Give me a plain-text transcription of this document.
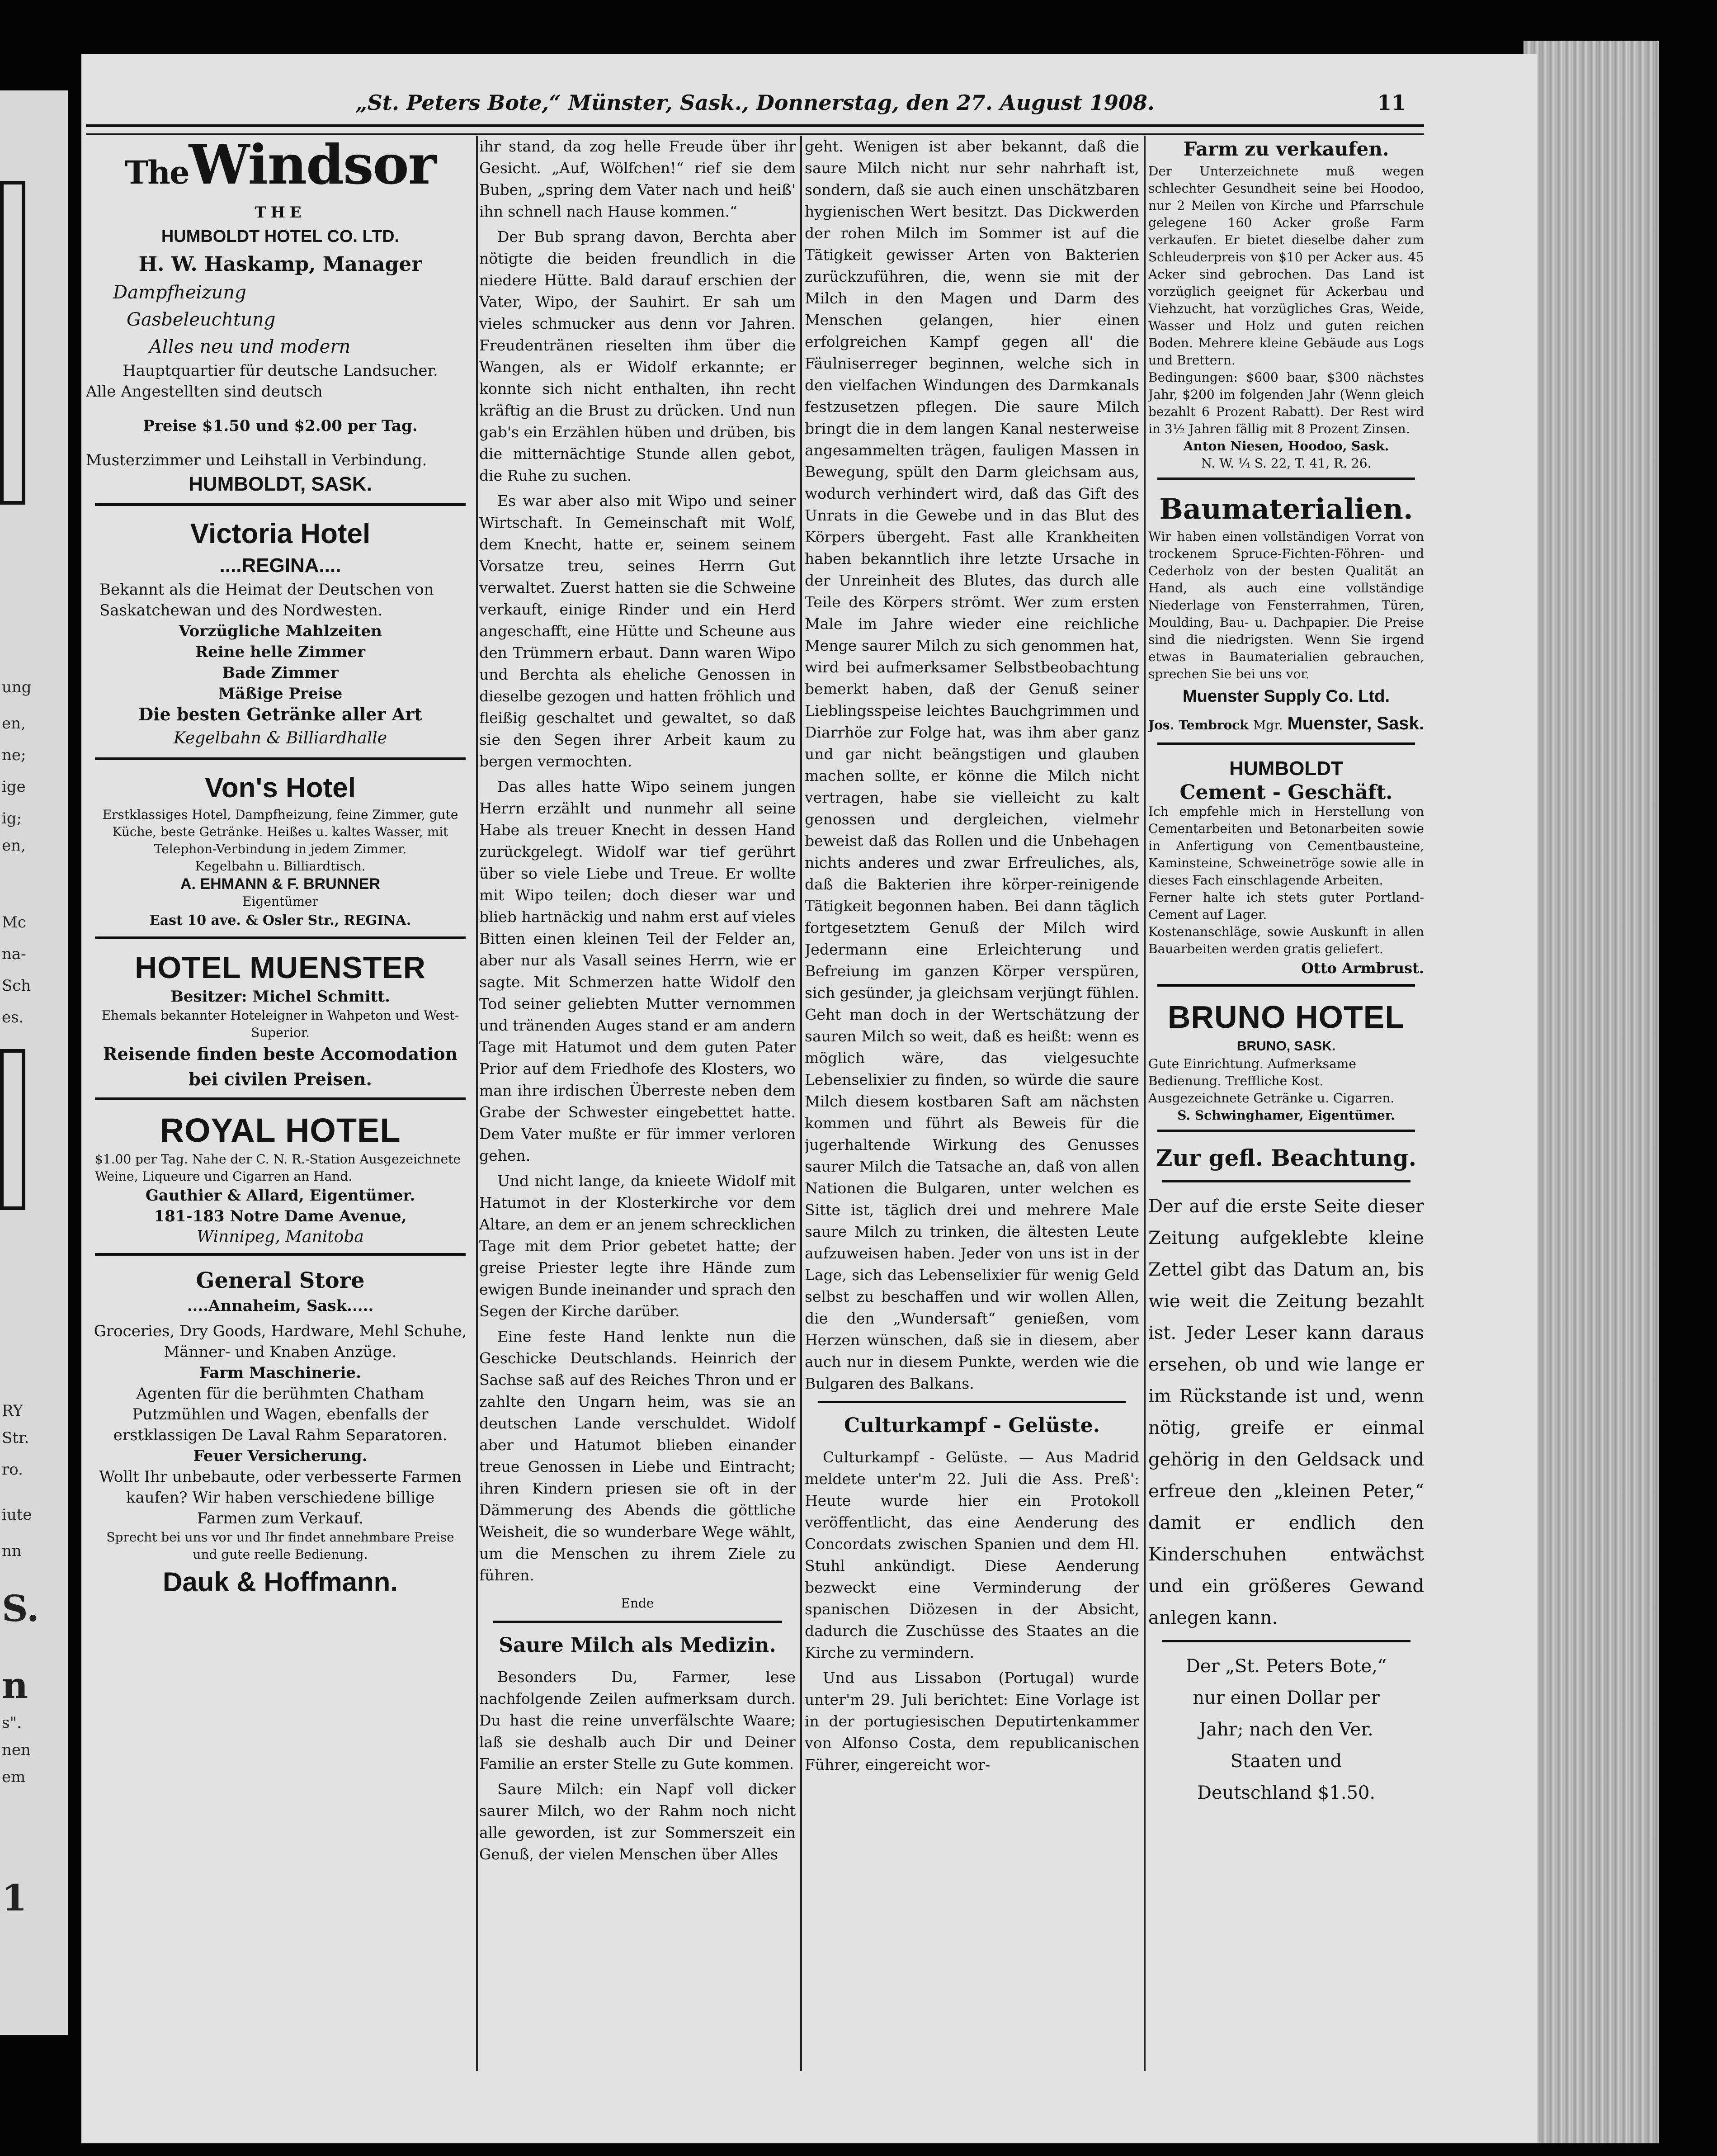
ung
en,
ne;
ige
ig;
en,
Mc
na-
Sch
es.
RY
Str.
ro.
iute
nn
S.
n
s".
nen
em
1
„St. Peters Bote,“ Münster, Sask., Donnerstag, den 27. August 1908.	11
TheWindsor
THE
HUMBOLDT HOTEL CO. LTD.
H. W. Haskamp, Manager
Dampfheizung
Gasbeleuchtung
Alles neu und modern
Hauptquartier für deutsche Landsucher.
Alle Angestellten sind deutsch
Preise $1.50 und $2.00 per Tag.
Musterzimmer und Leihstall in Verbindung.
HUMBOLDT, SASK.
Victoria Hotel
....REGINA....
Bekannt als die Heimat der Deutschen von Saskatchewan und des Nordwesten.
Vorzügliche Mahlzeiten
Reine helle Zimmer
Bade Zimmer
Mäßige Preise
Die besten Getränke aller Art
Kegelbahn & Billiardhalle
Von's Hotel
Erstklassiges Hotel, Dampfheizung, feine Zimmer, gute Küche, beste Getränke. Heißes u. kaltes Wasser, mit Telephon-Verbindung in jedem Zimmer.
Kegelbahn u. Billiardtisch.
A. EHMANN & F. BRUNNER
Eigentümer
East 10 ave. & Osler Str., REGINA.
HOTEL MUENSTER
Besitzer: Michel Schmitt.
Ehemals bekannter Hoteleigner in Wahpeton und West-Superior.
Reisende finden beste Accomodation bei civilen Preisen.
ROYAL HOTEL
$1.00 per Tag. Nahe der C. N. R.-Station Ausgezeichnete Weine, Liqueure und Cigarren an Hand.
Gauthier & Allard, Eigentümer.
181-183 Notre Dame Avenue,
Winnipeg, Manitoba
General Store
....Annaheim, Sask.....
Groceries, Dry Goods, Hardware, Mehl Schuhe, Männer- und Knaben Anzüge.
Farm Maschinerie.
Agenten für die berühmten Chatham Putzmühlen und Wagen, ebenfalls der erstklassigen De Laval Rahm Separatoren.
Feuer Versicherung.
Wollt Ihr unbebaute, oder verbesserte Farmen kaufen? Wir haben verschiedene billige Farmen zum Verkauf.
Sprecht bei uns vor und Ihr findet annehmbare Preise und gute reelle Bedienung.
Dauk & Hoffmann.

ihr stand, da zog helle Freude über ihr Gesicht. „Auf, Wölfchen!“ rief sie dem Buben, „spring dem Vater nach und heiß' ihn schnell nach Hause kommen.“

Der Bub sprang davon, Berchta aber nötigte die beiden freundlich in die niedere Hütte. Bald darauf erschien der Vater, Wipo, der Sauhirt. Er sah um vieles schmucker aus denn vor Jahren. Freudentränen rieselten ihm über die Wangen, als er Widolf erkannte; er konnte sich nicht enthalten, ihn recht kräftig an die Brust zu drücken. Und nun gab's ein Erzählen hüben und drüben, bis die mitternächtige Stunde allen gebot, die Ruhe zu suchen.

Es war aber also mit Wipo und seiner Wirtschaft. In Gemeinschaft mit Wolf, dem Knecht, hatte er, seinem seinem Vorsatze treu, seines Herrn Gut verwaltet. Zuerst hatten sie die Schweine verkauft, einige Rinder und ein Herd angeschafft, eine Hütte und Scheune aus den Trümmern erbaut. Dann waren Wipo und Berchta als eheliche Genossen in dieselbe gezogen und hatten fröhlich und fleißig geschaltet und gewaltet, so daß sie den Segen ihrer Arbeit kaum zu bergen vermochten.

Das alles hatte Wipo seinem jungen Herrn erzählt und nunmehr all seine Habe als treuer Knecht in dessen Hand zurückgelegt. Widolf war tief gerührt über so viele Liebe und Treue. Er wollte mit Wipo teilen; doch dieser war und blieb hartnäckig und nahm erst auf vieles Bitten einen kleinen Teil der Felder an, aber nur als Vasall seines Herrn, wie er sagte. Mit Schmerzen hatte Widolf den Tod seiner geliebten Mutter vernommen und tränenden Auges stand er am andern Tage mit Hatumot und dem guten Pater Prior auf dem Friedhofe des Klosters, wo man ihre irdischen Überreste neben dem Grabe der Schwester eingebettet hatte. Dem Vater mußte er für immer verloren gehen.

Und nicht lange, da knieete Widolf mit Hatumot in der Klosterkirche vor dem Altare, an dem er an jenem schrecklichen Tage mit dem Prior gebetet hatte; der greise Priester legte ihre Hände zum ewigen Bunde ineinander und sprach den Segen der Kirche darüber.

Eine feste Hand lenkte nun die Geschicke Deutschlands. Heinrich der Sachse saß auf des Reiches Thron und er zahlte den Ungarn heim, was sie an deutschen Lande verschuldet. Widolf aber und Hatumot blieben einander treue Genossen in Liebe und Eintracht; ihren Kindern priesen sie oft in der Dämmerung des Abends die göttliche Weisheit, die so wunderbare Wege wählt, um die Menschen zu ihrem Ziele zu führen.

Ende
Saure Milch als Medizin.

Besonders Du, Farmer, lese nachfolgende Zeilen aufmerksam durch. Du hast die reine unverfälschte Waare; laß sie deshalb auch Dir und Deiner Familie an erster Stelle zu Gute kommen.

Saure Milch: ein Napf voll dicker saurer Milch, wo der Rahm noch nicht alle geworden, ist zur Sommerszeit ein Genuß, der vielen Menschen über Alles

geht. Wenigen ist aber bekannt, daß die saure Milch nicht nur sehr nahrhaft ist, sondern, daß sie auch einen unschätzbaren hygienischen Wert besitzt. Das Dickwerden der rohen Milch im Sommer ist auf die Tätigkeit gewisser Arten von Bakterien zurückzuführen, die, wenn sie mit der Milch in den Magen und Darm des Menschen gelangen, hier einen erfolgreichen Kampf gegen all' die Fäulniserreger beginnen, welche sich in den vielfachen Windungen des Darmkanals festzusetzen pflegen. Die saure Milch bringt die in dem langen Kanal nesterweise angesammelten trägen, fauligen Massen in Bewegung, spült den Darm gleichsam aus, wodurch verhindert wird, daß das Gift des Unrats in die Gewebe und in das Blut des Körpers übergeht. Fast alle Krankheiten haben bekanntlich ihre letzte Ursache in der Unreinheit des Blutes, das durch alle Teile des Körpers strömt. Wer zum ersten Male im Jahre wieder eine reichliche Menge saurer Milch zu sich genommen hat, wird bei aufmerksamer Selbstbeobachtung bemerkt haben, daß der Genuß seiner Lieblingsspeise leichtes Bauchgrimmen und Diarrhöe zur Folge hat, was ihm aber ganz und gar nicht beängstigen und glauben machen sollte, er könne die Milch nicht vertragen, habe sie vielleicht zu kalt genossen und dergleichen, vielmehr beweist daß das Rollen und die Unbehagen nichts anderes und zwar Erfreuliches, als, daß die Bakterien ihre körper-reinigende Tätigkeit begonnen haben. Bei dann täglich fortgesetztem Genuß der Milch wird Jedermann eine Erleichterung und Befreiung im ganzen Körper verspüren, sich gesünder, ja gleichsam verjüngt fühlen. Geht man doch in der Wertschätzung der sauren Milch so weit, daß es heißt: wenn es möglich wäre, das vielgesuchte Lebenselixier zu finden, so würde die saure Milch diesem kostbaren Saft am nächsten kommen und führt als Beweis für die jugerhaltende Wirkung des Genusses saurer Milch die Tatsache an, daß von allen Nationen die Bulgaren, unter welchen es Sitte ist, täglich drei und mehrere Male saure Milch zu trinken, die ältesten Leute aufzuweisen haben. Jeder von uns ist in der Lage, sich das Lebenselixier für wenig Geld selbst zu beschaffen und wir wollen Allen, die den „Wundersaft“ genießen, vom Herzen wünschen, daß sie in diesem, aber auch nur in diesem Punkte, werden wie die Bulgaren des Balkans.

Culturkampf - Gelüste.

Culturkampf - Gelüste. — Aus Madrid meldete unter'm 22. Juli die Ass. Preß': Heute wurde hier ein Protokoll veröffentlicht, das eine Aenderung des Concordats zwischen Spanien und dem Hl. Stuhl ankündigt. Diese Aenderung bezweckt eine Verminderung der spanischen Diözesen in der Absicht, dadurch die Zuschüsse des Staates an die Kirche zu vermindern.

Und aus Lissabon (Portugal) wurde unter'm 29. Juli berichtet: Eine Vorlage ist in der portugiesischen Deputirtenkammer von Alfonso Costa, dem republicanischen Führer, eingereicht wor-

Farm zu verkaufen.
Der Unterzeichnete muß wegen schlechter Gesundheit seine bei Hoodoo, nur 2 Meilen von Kirche und Pfarrschule gelegene 160 Acker große Farm verkaufen. Er bietet dieselbe daher zum Schleuderpreis von $10 per Acker aus. 45 Acker sind gebrochen. Das Land ist vorzüglich geeignet für Ackerbau und Viehzucht, hat vorzügliches Gras, Weide, Wasser und Holz und guten reichen Boden. Mehrere kleine Gebäude aus Logs und Brettern.
Bedingungen: $600 baar, $300 nächstes Jahr, $200 im folgenden Jahr (Wenn gleich bezahlt 6 Prozent Rabatt). Der Rest wird in 3½ Jahren fällig mit 8 Prozent Zinsen.
Anton Niesen, Hoodoo, Sask.
N. W. ¼ S. 22, T. 41, R. 26.
Baumaterialien.
Wir haben einen vollständigen Vorrat von trockenem Spruce-Fichten-Föhren- und Cederholz von der besten Qualität an Hand, als auch eine vollständige Niederlage von Fensterrahmen, Türen, Moulding, Bau- u. Dachpapier. Die Preise sind die niedrigsten. Wenn Sie irgend etwas in Baumaterialien gebrauchen, sprechen Sie bei uns vor.
Muenster Supply Co. Ltd.
Jos. Tembrock Mgr. Muenster, Sask.
HUMBOLDT
Cement - Geschäft.
Ich empfehle mich in Herstellung von Cementarbeiten und Betonarbeiten sowie in Anfertigung von Cementbausteine, Kaminsteine, Schweinetröge sowie alle in dieses Fach einschlagende Arbeiten.
Ferner halte ich stets guter Portland-Cement auf Lager.
Kostenanschläge, sowie Auskunft in allen Bauarbeiten werden gratis geliefert.
Otto Armbrust.
BRUNO HOTEL
BRUNO, SASK.
Gute Einrichtung. Aufmerksame Bedienung. Treffliche Kost. Ausgezeichnete Getränke u. Cigarren.
S. Schwinghamer, Eigentümer.
Zur gefl. Beachtung.
Der auf die erste Seite dieser Zeitung aufgeklebte kleine Zettel gibt das Datum an, bis wie weit die Zeitung bezahlt ist. Jeder Leser kann daraus ersehen, ob und wie lange er im Rückstande ist und, wenn nötig, greife er einmal gehörig in den Geldsack und erfreue den „kleinen Peter,“ damit er endlich den Kinderschuhen entwächst und ein größeres Gewand anlegen kann.
Der „St. Peters Bote,“ nur einen Dollar per Jahr; nach den Ver. Staaten und Deutschland $1.50.
